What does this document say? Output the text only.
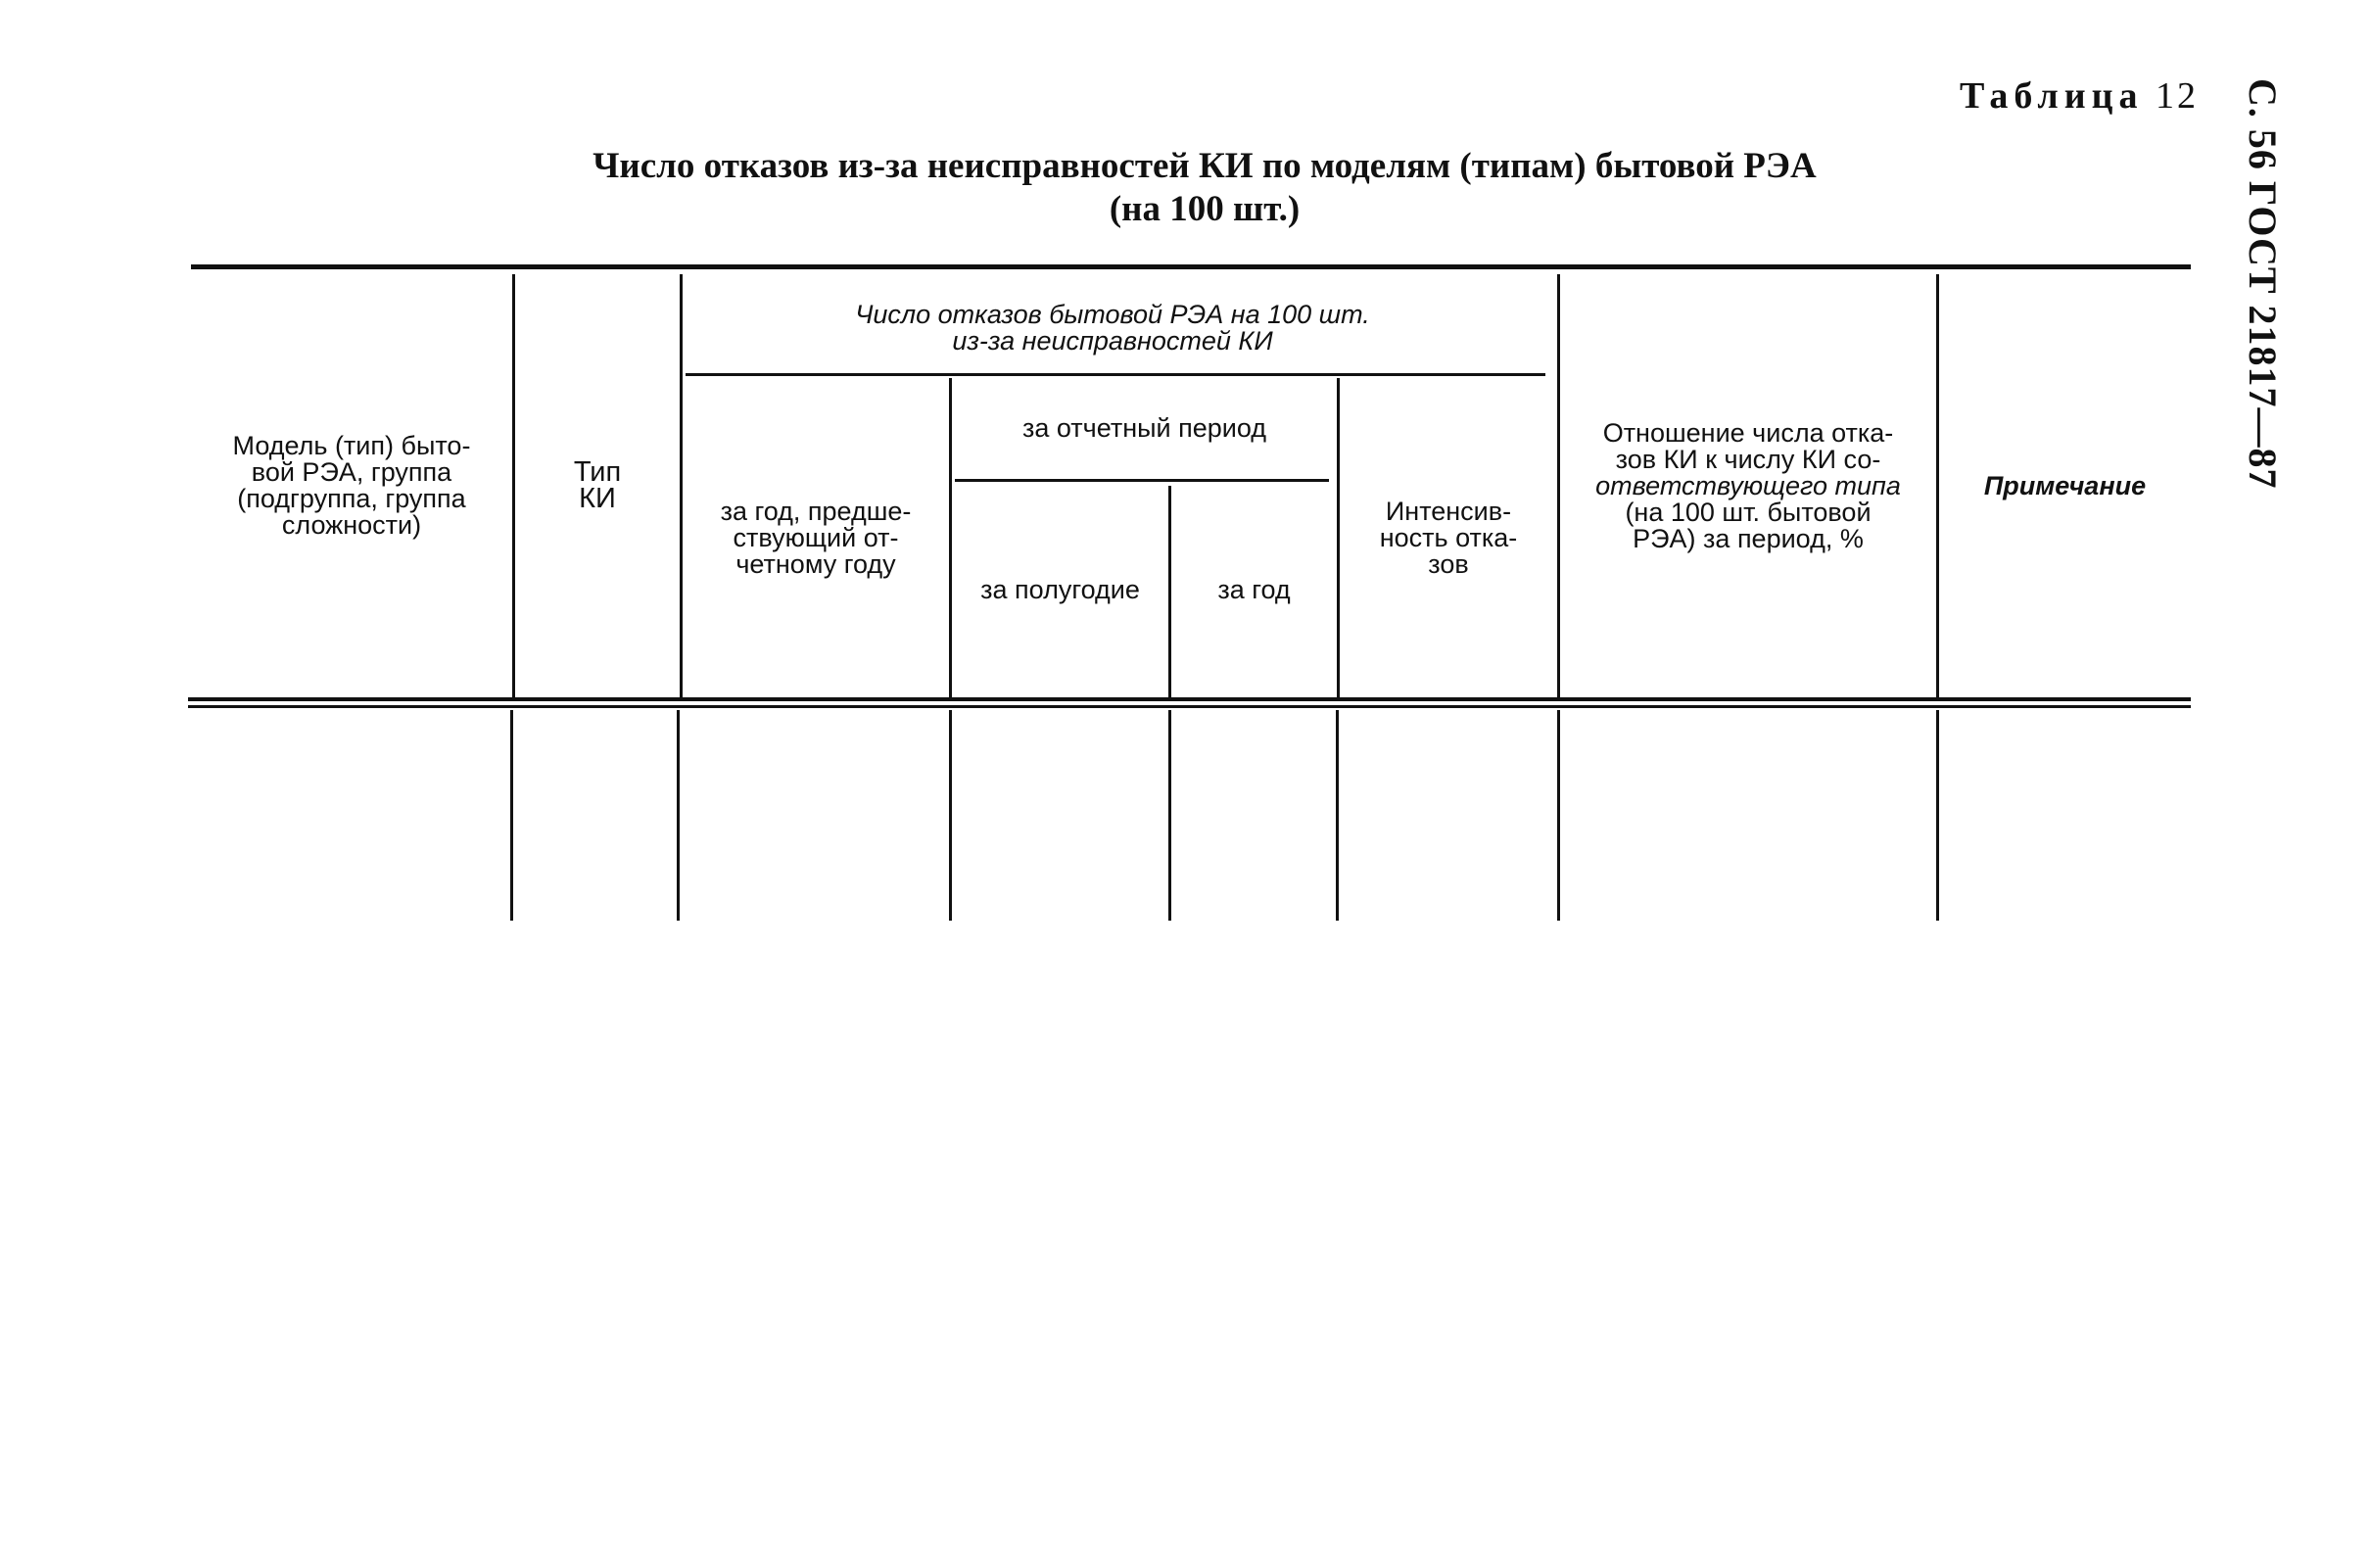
С. 56 ГОСТ 21817—87
Таблица 12
Число отказов из-за неисправностей КИ по моделям (типам) бытовой РЭА
(на 100 шт.)
Модель (тип) быто-
вой РЭА, группа
(подгруппа, группа
сложности)
Тип
КИ
Число отказов бытовой РЭА на 100 шт.
из-за неисправностей КИ
за год, предше-
ствующий от-
четному году
за отчетный период
за полугодие	за год
Интенсив-
ность отка-
зов
Отношение числа отка-
зов КИ к числу КИ со-
ответствующего типа
(на 100 шт. бытовой
РЭА) за период, %
Примечание
